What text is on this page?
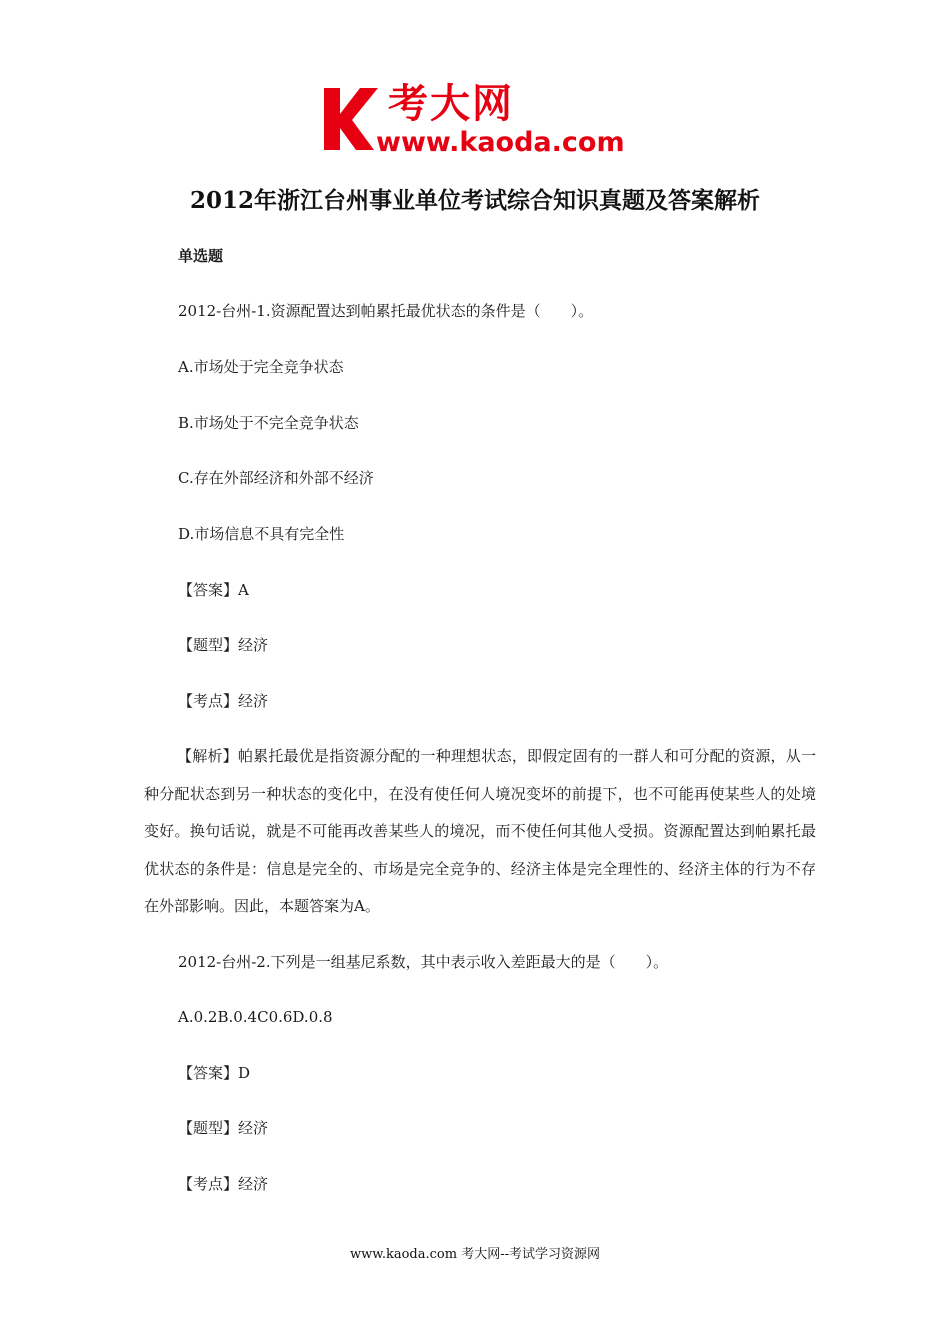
考大网
www.kaoda.com
2012年浙江台州事业单位考试综合知识真题及答案解析
单选题
2012-台州-1.资源配置达到帕累托最优状态的条件是（　　）。
A.市场处于完全竞争状态
B.市场处于不完全竞争状态
C.存在外部经济和外部不经济
D.市场信息不具有完全性
【答案】A
【题型】经济
【考点】经济
【解析】帕累托最优是指资源分配的一种理想状态，即假定固有的一群人和可分配的资源，从一种分配状态到另一种状态的变化中，在没有使任何人境况变坏的前提下，也不可能再使某些人的处境变好。换句话说，就是不可能再改善某些人的境况，而不使任何其他人受损。资源配置达到帕累托最优状态的条件是：信息是完全的、市场是完全竞争的、经济主体是完全理性的、经济主体的行为不存在外部影响。因此，本题答案为A。
2012-台州-2.下列是一组基尼系数，其中表示收入差距最大的是（　　）。
A.0.2B.0.4C0.6D.0.8
【答案】D
【题型】经济
【考点】经济
www.kaoda.com 考大网--考试学习资源网
